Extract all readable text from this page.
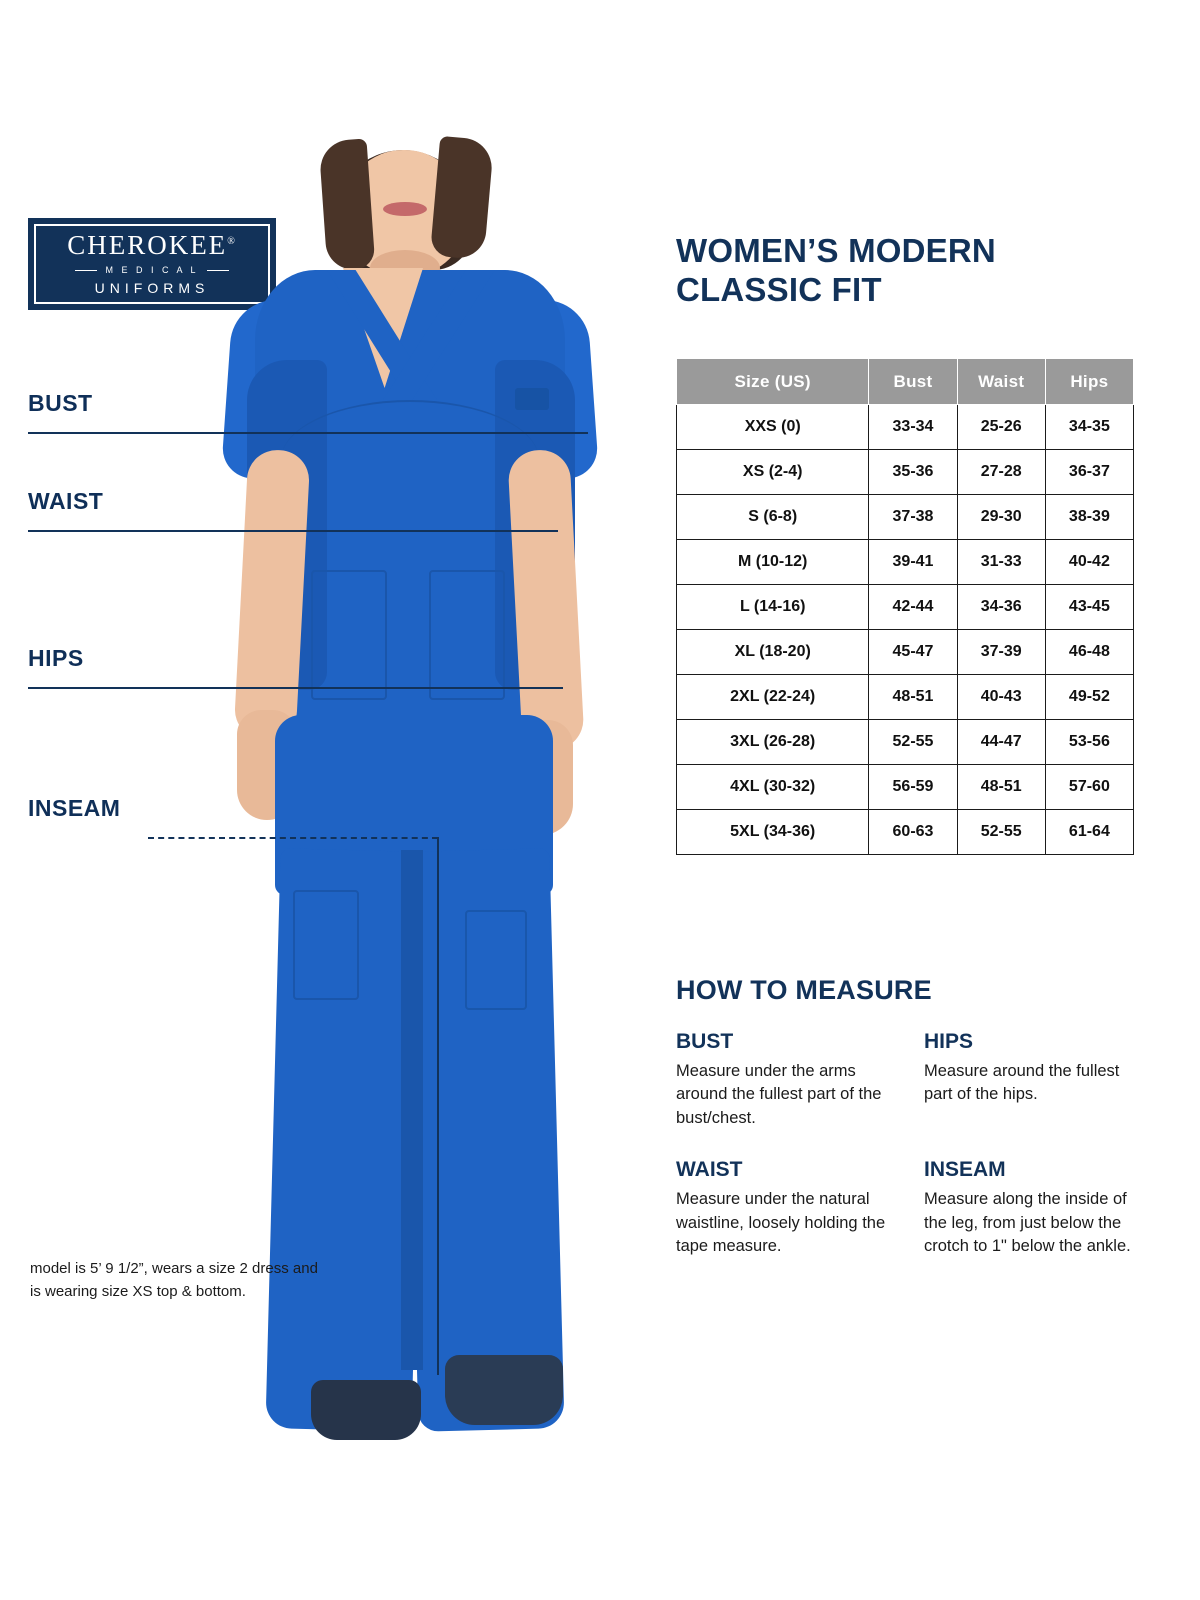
CHEROKEE®
M E D I C A L
UNIFORMS
BUST
WAIST
HIPS
INSEAM
model is 5’ 9 1/2”, wears a size 2 dress and is wearing size XS top & bottom.
WOMEN’S MODERN CLASSIC FIT
Size (US)	Bust	Waist	Hips
XXS (0)	33-34	25-26	34-35
XS (2-4)	35-36	27-28	36-37
S (6-8)	37-38	29-30	38-39
M (10-12)	39-41	31-33	40-42
L (14-16)	42-44	34-36	43-45
XL (18-20)	45-47	37-39	46-48
2XL (22-24)	48-51	40-43	49-52
3XL (26-28)	52-55	44-47	53-56
4XL (30-32)	56-59	48-51	57-60
5XL (34-36)	60-63	52-55	61-64
HOW TO MEASURE
BUST
Measure under the arms around the fullest part of the bust/chest.
HIPS
Measure around the fullest part of the hips.
WAIST
Measure under the natural waistline, loosely holding the tape measure.
INSEAM
Measure along the inside of the leg, from just below the crotch to 1" below the ankle.
